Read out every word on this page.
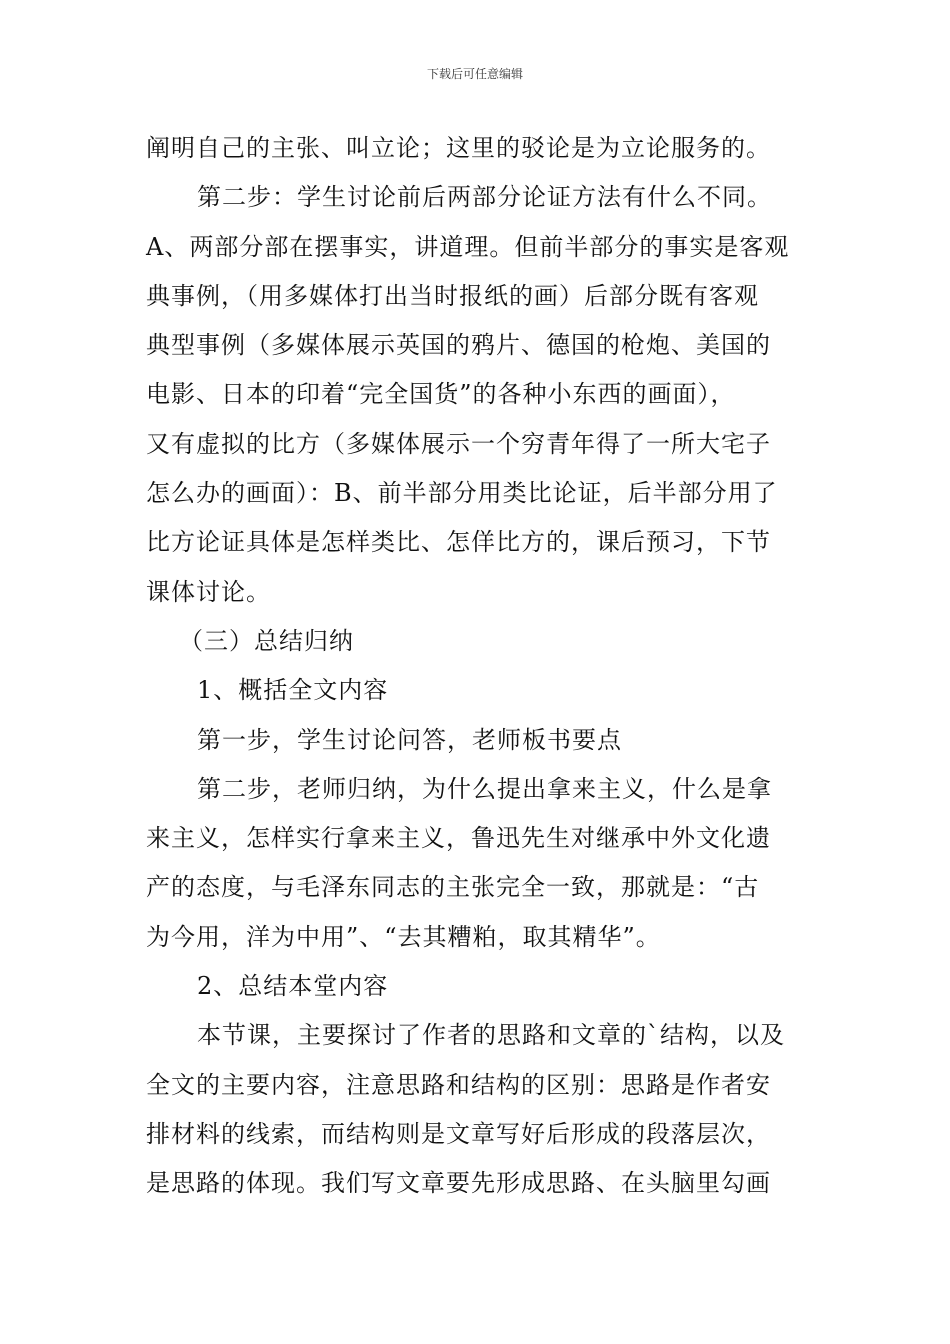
下载后可任意编辑
阐明自己的主张、叫立论；这里的驳论是为立论服务的。
第二步：学生讨论前后两部分论证方法有什么不同。
A、两部分部在摆事实，讲道理。但前半部分的事实是客观
典事例，（用多媒体打出当时报纸的画）后部分既有客观
典型事例（多媒体展示英国的鸦片、德国的枪炮、美国的
电影、日本的印着“完全国货”的各种小东西的画面），
又有虚拟的比方（多媒体展示一个穷青年得了一所大宅子
怎么办的画面）：B、前半部分用类比论证，后半部分用了
比方论证具体是怎样类比、怎佯比方的，课后预习，下节
课体讨论。
（三）总结归纳
1、概括全文内容
第一步，学生讨论问答，老师板书要点
第二步，老师归纳，为什么提出拿来主义，什么是拿
来主义，怎样实行拿来主义，鲁迅先生对继承中外文化遗
产的态度，与毛泽东同志的主张完全一致，那就是：“古
为今用，洋为中用”、“去其糟粕，取其精华”。
2、总结本堂内容
本节课，主要探讨了作者的思路和文章的`结构，以及
全文的主要内容，注意思路和结构的区别：思路是作者安
排材料的线索，而结构则是文章写好后形成的段落层次，
是思路的体现。我们写文章要先形成思路、在头脑里勾画
